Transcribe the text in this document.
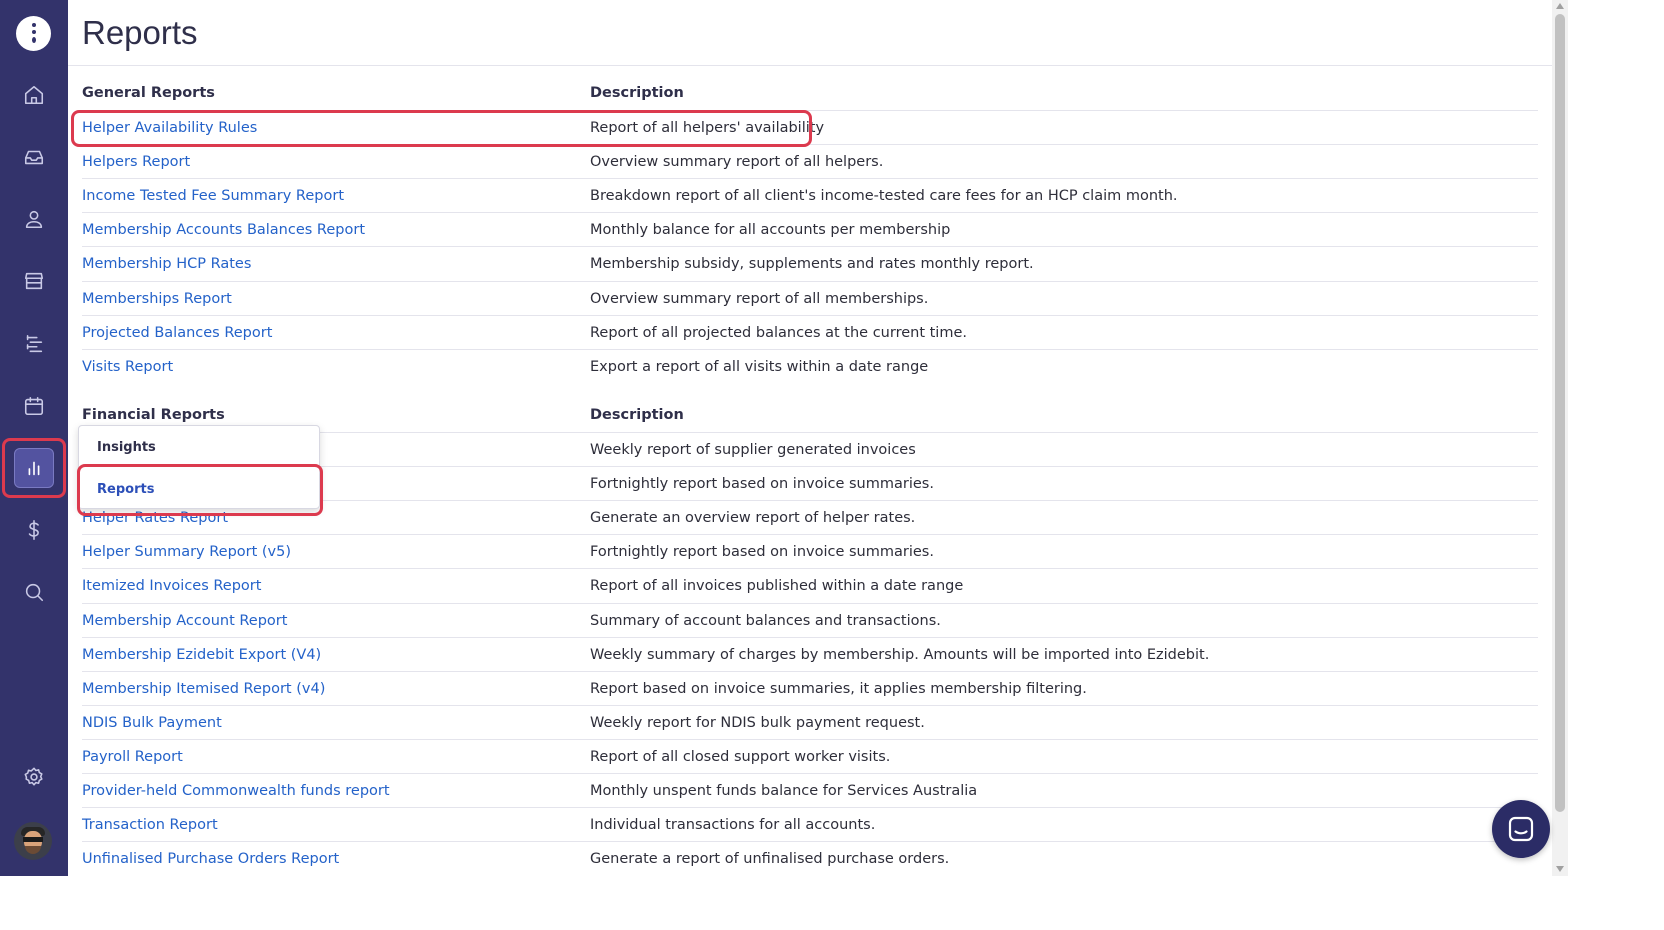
Reports
General Reports	Description
Helper Availability Rules	Report of all helpers' availability
Helpers Report	Overview summary report of all helpers.
Income Tested Fee Summary Report	Breakdown report of all client's income-tested care fees for an HCP claim month.
Membership Accounts Balances Report	Monthly balance for all accounts per membership
Membership HCP Rates	Membership subsidy, supplements and rates monthly report.
Memberships Report	Overview summary report of all memberships.
Projected Balances Report	Report of all projected balances at the current time.
Visits Report	Export a report of all visits within a date range
Financial Reports	Description
Weekly report of supplier generated invoices
Fortnightly report based on invoice summaries.
Helper Rates Report	Generate an overview report of helper rates.
Helper Summary Report (v5)	Fortnightly report based on invoice summaries.
Itemized Invoices Report	Report of all invoices published within a date range
Membership Account Report	Summary of account balances and transactions.
Membership Ezidebit Export (V4)	Weekly summary of charges by membership. Amounts will be imported into Ezidebit.
Membership Itemised Report (v4)	Report based on invoice summaries, it applies membership filtering.
NDIS Bulk Payment	Weekly report for NDIS bulk payment request.
Payroll Report	Report of all closed support worker visits.
Provider-held Commonwealth funds report	Monthly unspent funds balance for Services Australia
Transaction Report	Individual transactions for all accounts.
Unfinalised Purchase Orders Report	Generate a report of unfinalised purchase orders.
Insights
Reports
